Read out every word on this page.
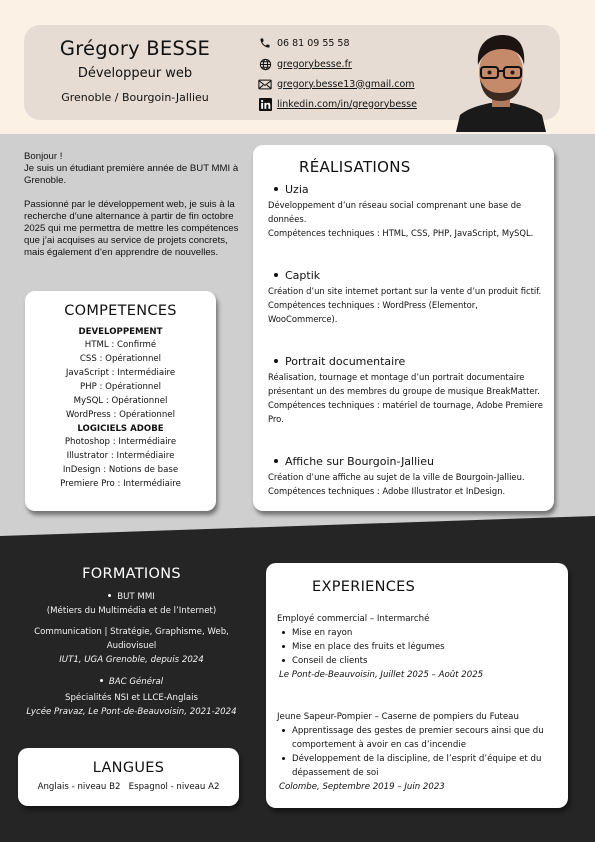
Grégory BESSE
Développeur web
Grenoble / Bourgoin-Jallieu
06 81 09 55 58
gregorybesse.fr
gregory.besse13@gmail.com
linkedin.com/in/gregorybesse

Bonjour !
Je suis un étudiant première année de BUT MMI à Grenoble.

Passionné par le développement web, je suis à la recherche d’une alternance à partir de fin octobre 2025 qui me permettra de mettre les compétences que j’ai acquises au service de projets concrets, mais également d’en apprendre de nouvelles.

COMPETENCES
DEVELOPPEMENT
HTML : Confirmé
CSS : Opérationnel
JavaScript : Intermédiaire
PHP : Opérationnel
MySQL : Opérationnel
WordPress : Opérationnel
LOGICIELS ADOBE
Photoshop : Intermédiaire
Illustrator : Intermédiaire
InDesign : Notions de base
Premiere Pro : Intermédiaire
RÉALISATIONS
Uzia
Développement d’un réseau social comprenant une base de données.
Compétences techniques : HTML, CSS, PHP, JavaScript, MySQL.
Captik
Création d’un site internet portant sur la vente d’un produit fictif.
Compétences techniques : WordPress (Elementor, WooCommerce).
Portrait documentaire
Réalisation, tournage et montage d’un portrait documentaire présentant un des membres du groupe de musique BreakMatter.
Compétences techniques : matériel de tournage, Adobe Premiere Pro.
Affiche sur Bourgoin-Jallieu
Création d’une affiche au sujet de la ville de Bourgoin-Jallieu.
Compétences techniques : Adobe Illustrator et InDesign.
FORMATIONS
BUT MMI
(Métiers du Multimédia et de l’Internet)
Communication | Stratégie, Graphisme, Web, Audiovisuel
IUT1, UGA Grenoble, depuis 2024
BAC Général
Spécialités NSI et LLCE-Anglais
Lycée Pravaz, Le Pont-de-Beauvoisin, 2021-2024
LANGUES
Anglais - niveau B2 Espagnol - niveau A2
EXPERIENCES
Employé commercial – Intermarché
Mise en rayon
Mise en place des fruits et légumes
Conseil de clients
Le Pont-de-Beauvoisin, Juillet 2025 – Août 2025
Jeune Sapeur-Pompier – Caserne de pompiers du Futeau
Apprentissage des gestes de premier secours ainsi que du comportement à avoir en cas d’incendie
Développement de la discipline, de l’esprit d’équipe et du dépassement de soi
Colombe, Septembre 2019 – Juin 2023
